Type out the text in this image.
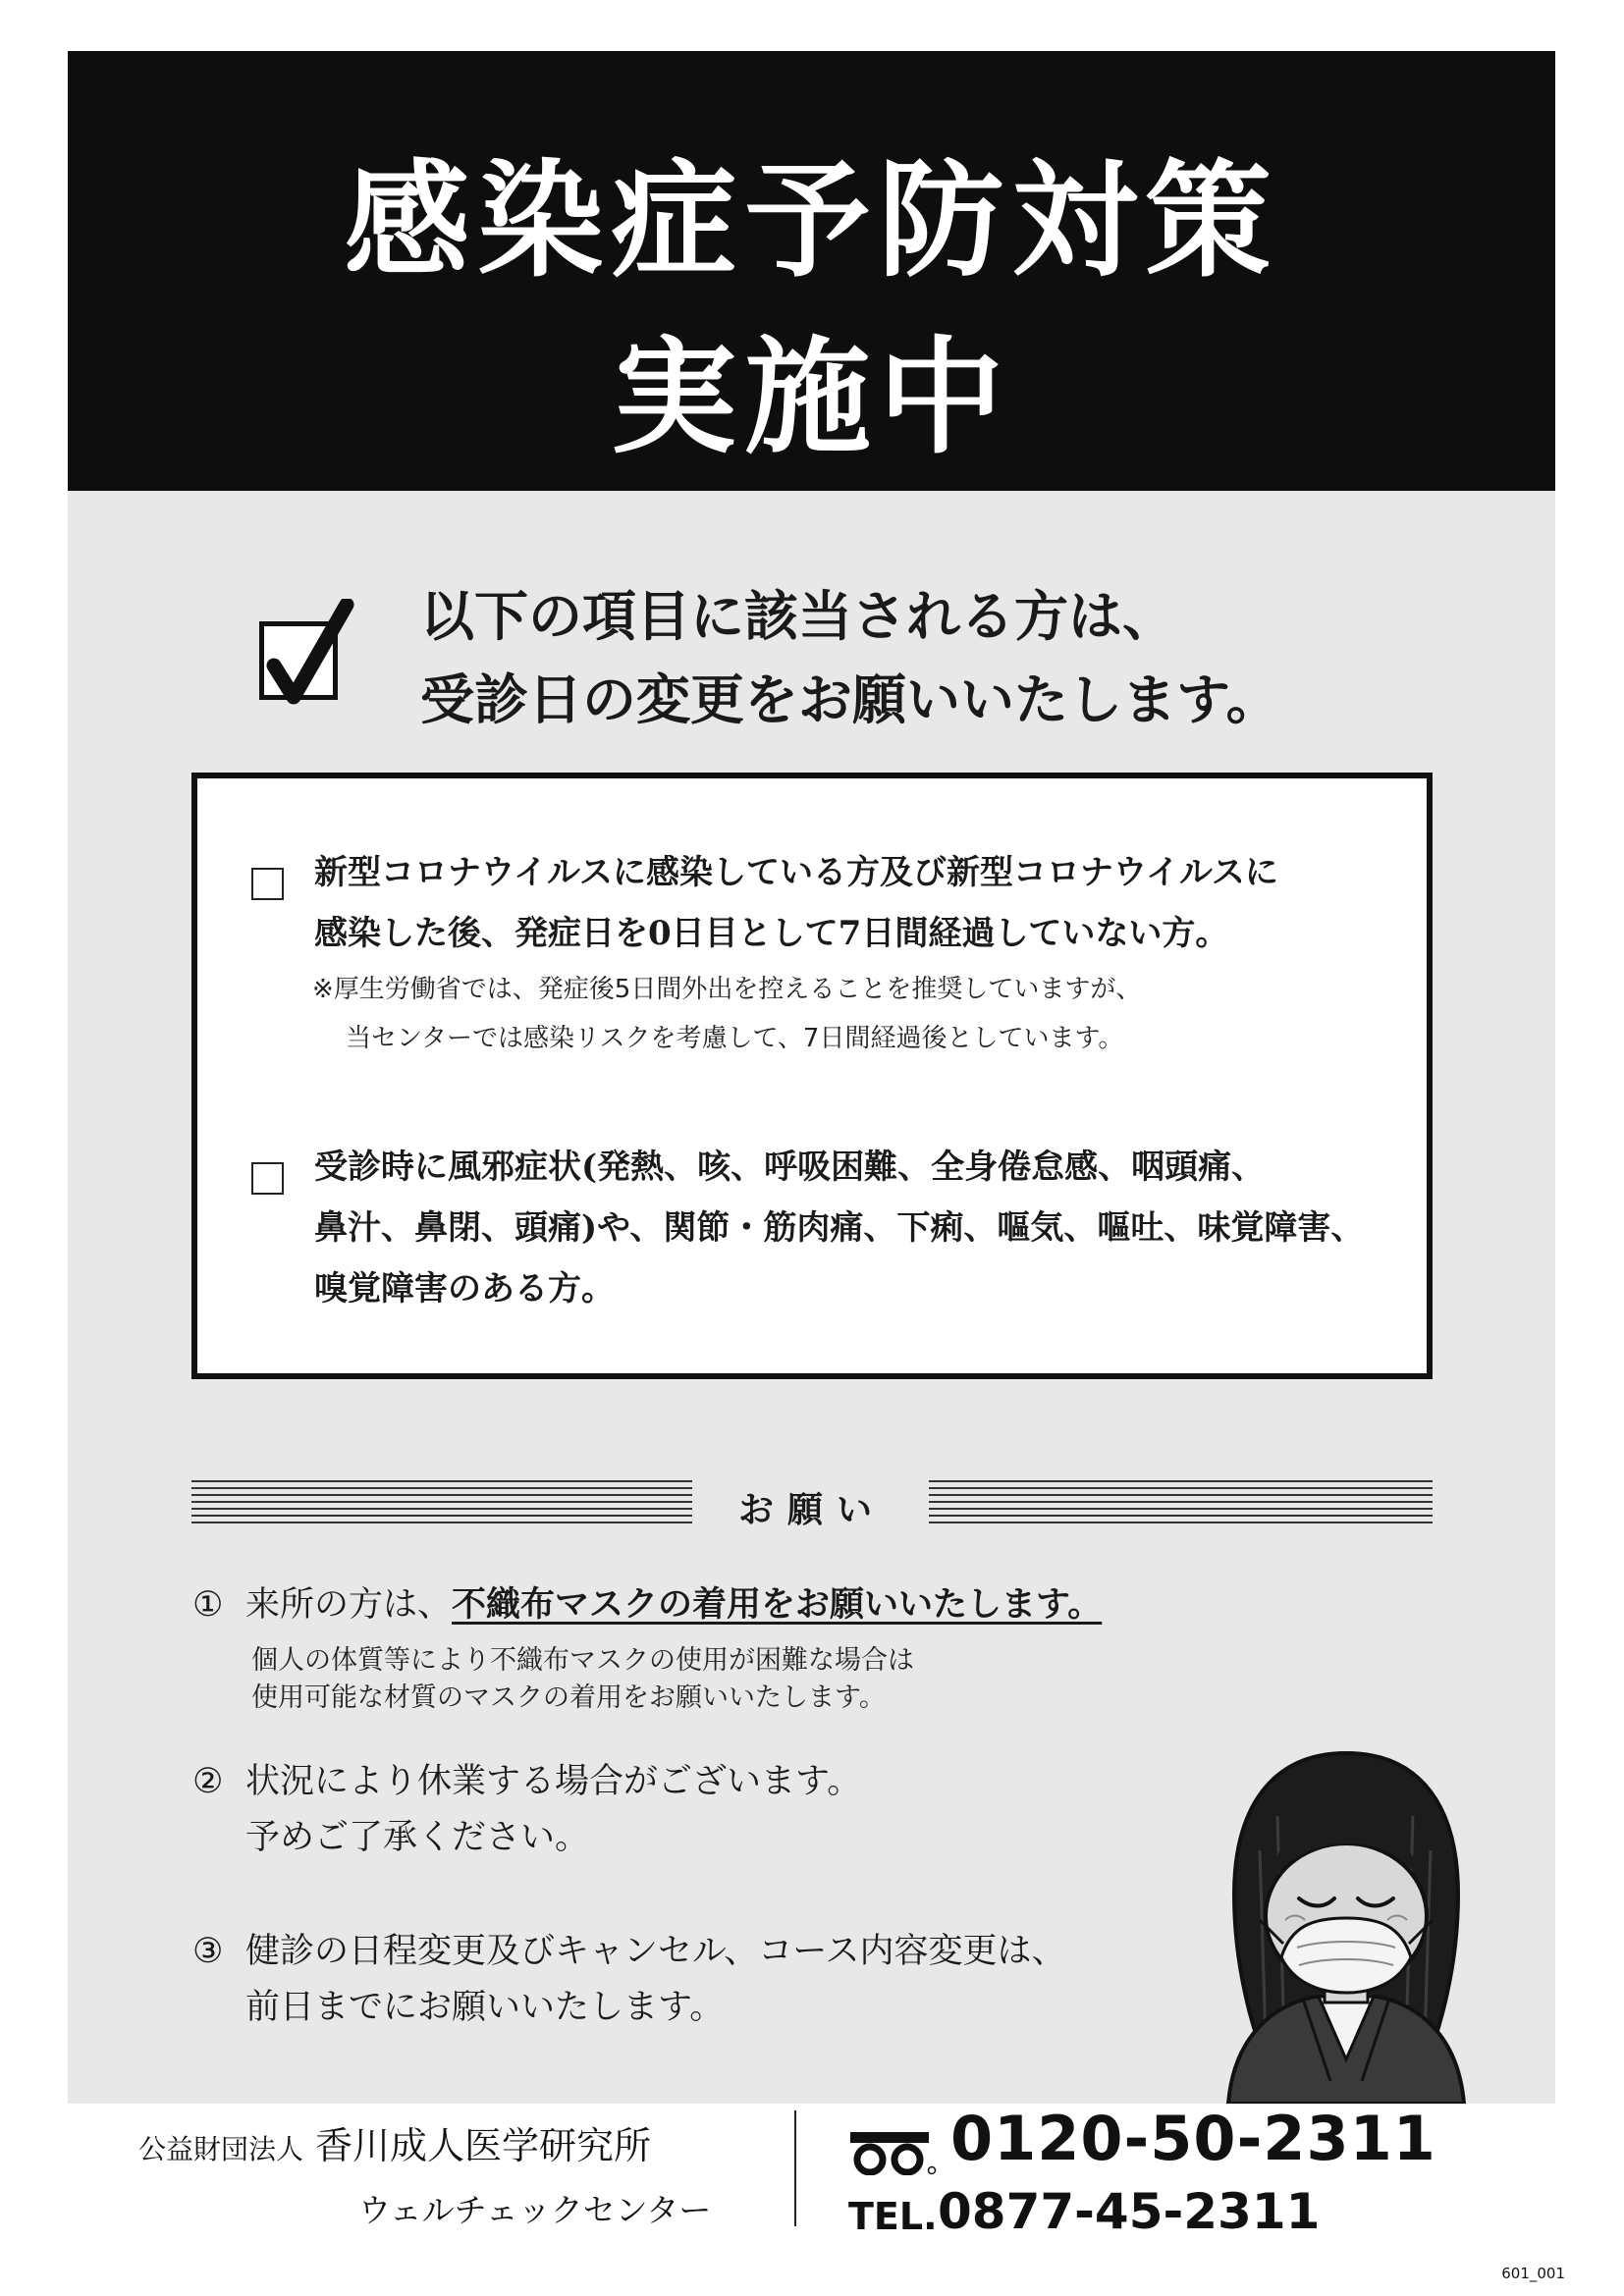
感染症予防対策
実施中
以下の項目に該当される方は、
受診日の変更をお願いいたします。
新型コロナウイルスに感染している方及び新型コロナウイルスに
感染した後、発症日を0日目として7日間経過していない方。
※厚生労働省では、発症後5日間外出を控えることを推奨していますが、
当センターでは感染リスクを考慮して、7日間経過後としています。
受診時に風邪症状(発熱、咳、呼吸困難、全身倦怠感、咽頭痛、
鼻汁、鼻閉、頭痛)や、関節・筋肉痛、下痢、嘔気、嘔吐、味覚障害、
嗅覚障害のある方。
お願い
① 来所の方は、不織布マスクの着用をお願いいたします。
個人の体質等により不織布マスクの使用が困難な場合は
使用可能な材質のマスクの着用をお願いいたします。
② 状況により休業する場合がございます。
予めご了承ください。
③ 健診の日程変更及びキャンセル、コース内容変更は、
前日までにお願いいたします。
公益財団法人 香川成人医学研究所
ウェルチェックセンター
0120-50-2311
TEL. 0877-45-2311
601_001
